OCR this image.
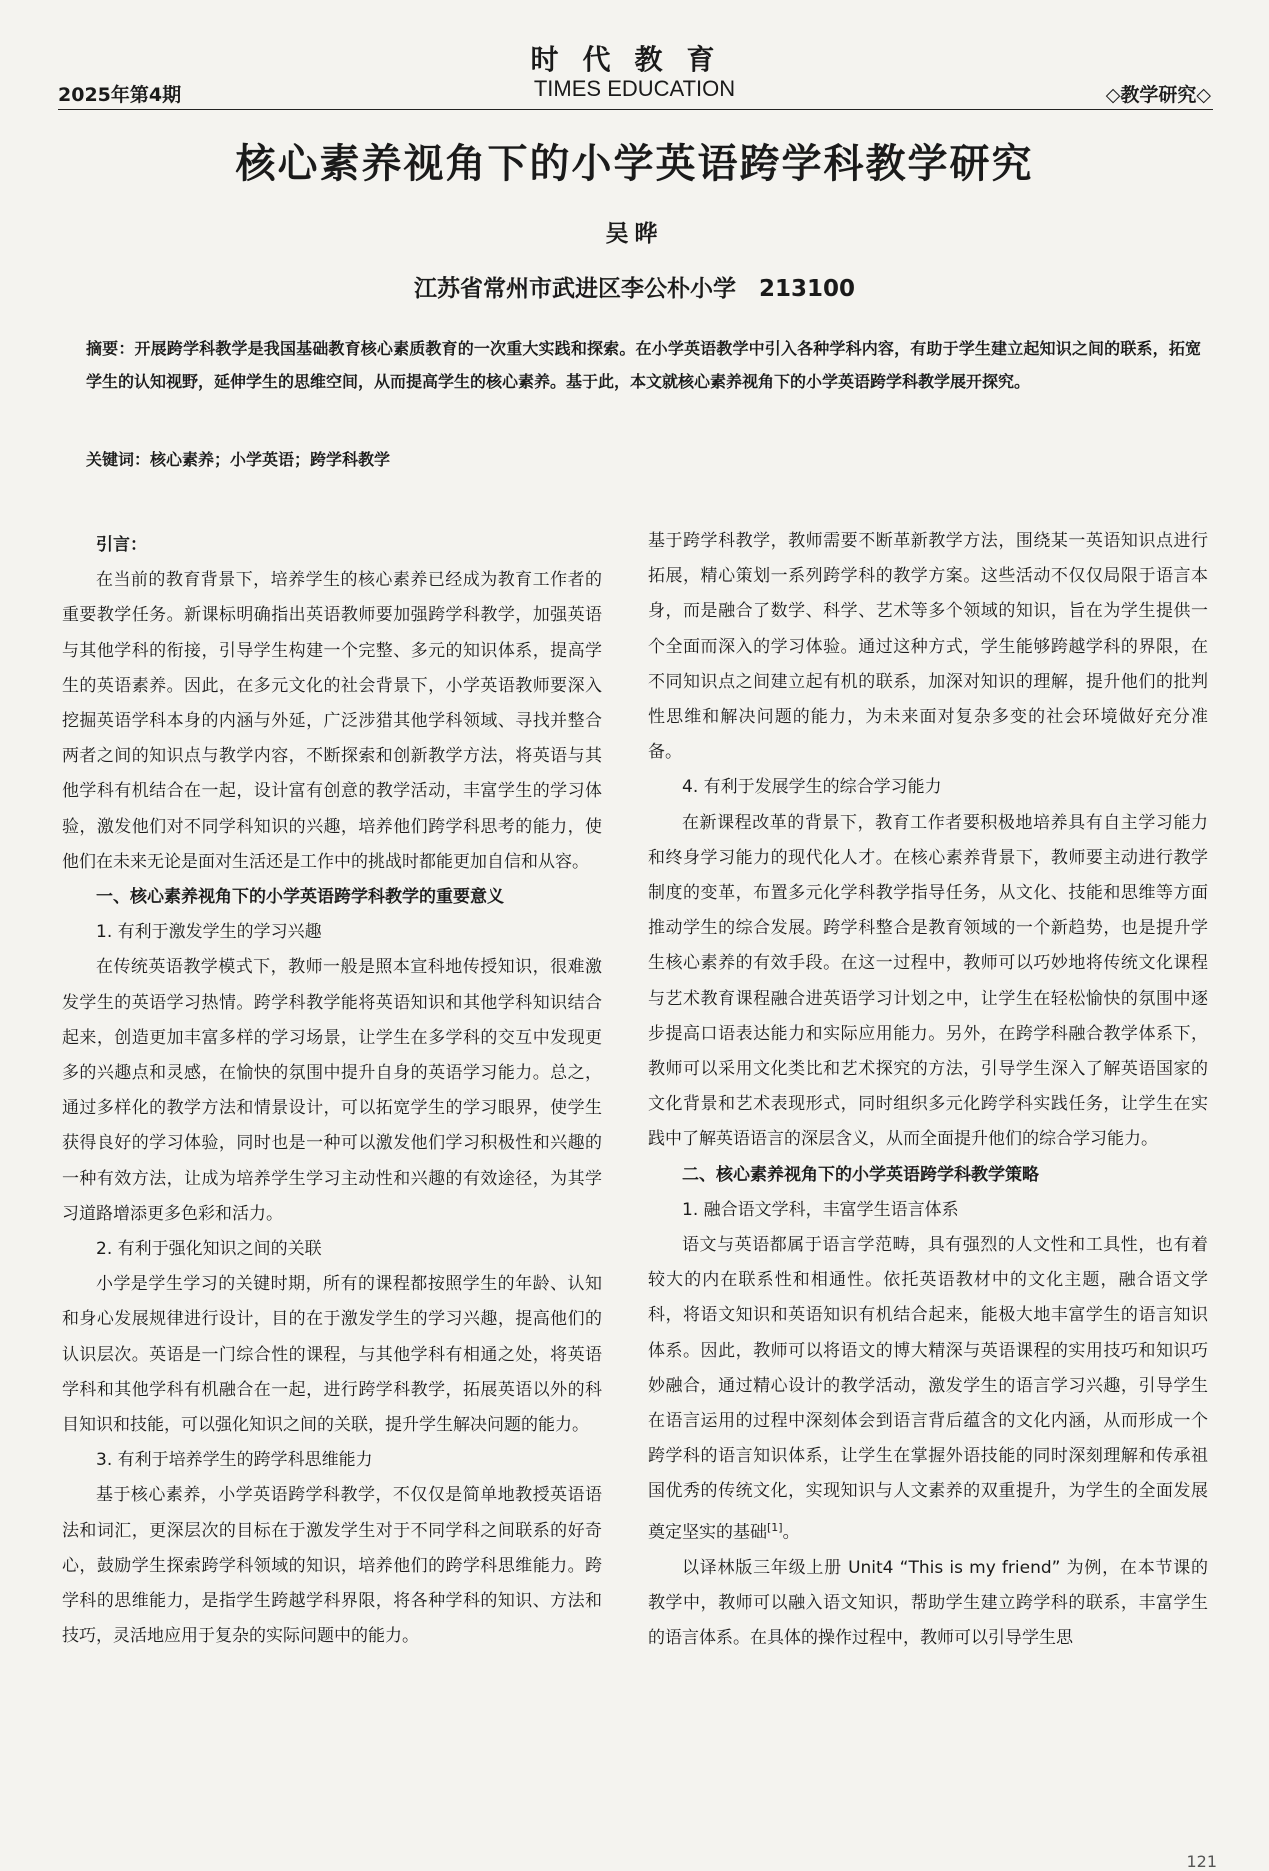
2025年第4期
时代教育
TIMES EDUCATION	◇教学研究◇
核心素养视角下的小学英语跨学科教学研究
吴晔
江苏省常州市武进区李公朴小学　213100
摘要：开展跨学科教学是我国基础教育核心素质教育的一次重大实践和探索。在小学英语教学中引入各种学科内容，有助于学生建立起知识之间的联系，拓宽学生的认知视野，延伸学生的思维空间，从而提高学生的核心素养。基于此，本文就核心素养视角下的小学英语跨学科教学展开探究。
关键词：核心素养；小学英语；跨学科教学

引言：

在当前的教育背景下，培养学生的核心素养已经成为教育工作者的重要教学任务。新课标明确指出英语教师要加强跨学科教学，加强英语与其他学科的衔接，引导学生构建一个完整、多元的知识体系，提高学生的英语素养。因此，在多元文化的社会背景下，小学英语教师要深入挖掘英语学科本身的内涵与外延，广泛涉猎其他学科领域、寻找并整合两者之间的知识点与教学内容，不断探索和创新教学方法，将英语与其他学科有机结合在一起，设计富有创意的教学活动，丰富学生的学习体验，激发他们对不同学科知识的兴趣，培养他们跨学科思考的能力，使他们在未来无论是面对生活还是工作中的挑战时都能更加自信和从容。

一、核心素养视角下的小学英语跨学科教学的重要意义
1. 有利于激发学生的学习兴趣

在传统英语教学模式下，教师一般是照本宣科地传授知识，很难激发学生的英语学习热情。跨学科教学能将英语知识和其他学科知识结合起来，创造更加丰富多样的学习场景，让学生在多学科的交互中发现更多的兴趣点和灵感，在愉快的氛围中提升自身的英语学习能力。总之，通过多样化的教学方法和情景设计，可以拓宽学生的学习眼界，使学生获得良好的学习体验，同时也是一种可以激发他们学习积极性和兴趣的一种有效方法，让成为培养学生学习主动性和兴趣的有效途径，为其学习道路增添更多色彩和活力。

2. 有利于强化知识之间的关联

小学是学生学习的关键时期，所有的课程都按照学生的年龄、认知和身心发展规律进行设计，目的在于激发学生的学习兴趣，提高他们的认识层次。英语是一门综合性的课程，与其他学科有相通之处，将英语学科和其他学科有机融合在一起，进行跨学科教学，拓展英语以外的科目知识和技能，可以强化知识之间的关联，提升学生解决问题的能力。

3. 有利于培养学生的跨学科思维能力

基于核心素养，小学英语跨学科教学，不仅仅是简单地教授英语语法和词汇，更深层次的目标在于激发学生对于不同学科之间联系的好奇心，鼓励学生探索跨学科领域的知识，培养他们的跨学科思维能力。跨学科的思维能力，是指学生跨越学科界限，将各种学科的知识、方法和技巧，灵活地应用于复杂的实际问题中的能力。

基于跨学科教学，教师需要不断革新教学方法，围绕某一英语知识点进行拓展，精心策划一系列跨学科的教学方案。这些活动不仅仅局限于语言本身，而是融合了数学、科学、艺术等多个领域的知识，旨在为学生提供一个全面而深入的学习体验。通过这种方式，学生能够跨越学科的界限，在不同知识点之间建立起有机的联系，加深对知识的理解，提升他们的批判性思维和解决问题的能力，为未来面对复杂多变的社会环境做好充分准备。

4. 有利于发展学生的综合学习能力

在新课程改革的背景下，教育工作者要积极地培养具有自主学习能力和终身学习能力的现代化人才。在核心素养背景下，教师要主动进行教学制度的变革，布置多元化学科教学指导任务，从文化、技能和思维等方面推动学生的综合发展。跨学科整合是教育领域的一个新趋势，也是提升学生核心素养的有效手段。在这一过程中，教师可以巧妙地将传统文化课程与艺术教育课程融合进英语学习计划之中，让学生在轻松愉快的氛围中逐步提高口语表达能力和实际应用能力。另外，在跨学科融合教学体系下，教师可以采用文化类比和艺术探究的方法，引导学生深入了解英语国家的文化背景和艺术表现形式，同时组织多元化跨学科实践任务，让学生在实践中了解英语语言的深层含义，从而全面提升他们的综合学习能力。

二、核心素养视角下的小学英语跨学科教学策略
1. 融合语文学科，丰富学生语言体系

语文与英语都属于语言学范畴，具有强烈的人文性和工具性，也有着较大的内在联系性和相通性。依托英语教材中的文化主题，融合语文学科，将语文知识和英语知识有机结合起来，能极大地丰富学生的语言知识体系。因此，教师可以将语文的博大精深与英语课程的实用技巧和知识巧妙融合，通过精心设计的教学活动，激发学生的语言学习兴趣，引导学生在语言运用的过程中深刻体会到语言背后蕴含的文化内涵，从而形成一个跨学科的语言知识体系，让学生在掌握外语技能的同时深刻理解和传承祖国优秀的传统文化，实现知识与人文素养的双重提升，为学生的全面发展奠定坚实的基础[1]。

以译林版三年级上册 Unit4 “This is my friend” 为例，在本节课的教学中，教师可以融入语文知识，帮助学生建立跨学科的联系，丰富学生的语言体系。在具体的操作过程中，教师可以引导学生思

121
